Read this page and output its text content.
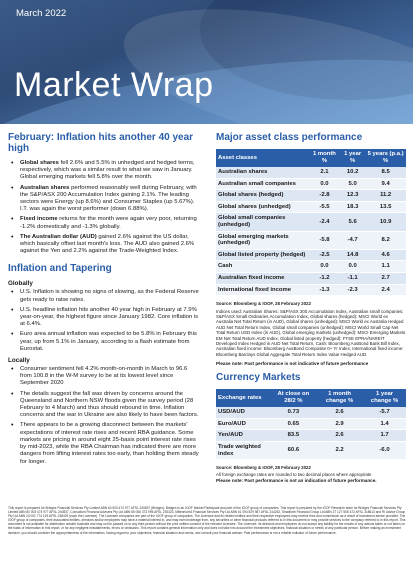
March 2022
Market Wrap
February: Inflation hits another 40 year high
• Global shares fell 2.6% and 5.5% in unhedged and hedged terms, respectively, which was a similar result to what we saw in January. Global emerging markets fell 5.8% over the month.
• Australian shares performed reasonably well during February, with the S&P/ASX 200 Accumulation Index gaining 2.1%. The leading sectors were Energy (up 8.6%) and Consumer Staples (up 5.67%). I.T. was again the worst performer (down 6.88%).
• Fixed income returns for the month were again very poor, returning -1.2% domestically and -1.3% globally.
• The Australian dollar (AUD) gained 2.6% against the US dollar, which basically offset last month's loss. The AUD also gained 2.6% against the Yen and 2.2% against the Trade-Weighted Index.
Inflation and Tapering
Globally
• U.S. Inflation is showing no signs of slowing, as the Federal Reserve gets ready to raise rates.
• U.S. headline inflation hits another 40 year high in February at 7.9% year-on-year, the highest figure since January 1982. Core inflation is at 6.4%.
• Euro area annual inflation was expected to be 5.8% in February this year, up from 5.1% in January, according to a flash estimate from Eurostat.
Locally
• Consumer sentiment fell 4.2% month-on-month in March to 96.6 from 100.8 in the W-M survey to be at its lowest level since September 2020
• The details suggest the fall was driven by concerns around the Queensland and Northern NSW floods given the survey period (28 February to 4 March) and thus should rebound in time. Inflation concerns and the war in Ukraine are also likely to have been factors.
• There appears to be a growing disconnect between the markets' expectations of interest rate rises and recent RBA guidance. Some markets are pricing in around eight 25-basis point interest rate rises by mid-2023, while the RBA Chairman has indicated there are more dangers from lifting interest rates too early, than holding them steady for longer.
Major asset class performance
Asset classes	1 month %	1 year %	5 years (p.a.) %
Australian shares	2.1	10.2	8.5
Australian small companies	0.0	5.0	9.4
Global shares (hedged)	-2.8	12.3	11.2
Global shares (unhedged)	-5.5	18.3	13.5
Global small companies (unhedged)	-2.4	5.6	10.9
Global emerging markets (unhedged)	-5.8	-4.7	8.2
Global listed property (hedged)	-2.5	14.8	4.6
Cash	0.0	0.0	1.1
Australian fixed income	-1.2	-1.1	2.7
International fixed income	-1.3	-2.3	2.4
Source: Bloomberg & IOOF, 28 February 2022
Indices used: Australian Shares: S&P/ASX 200 Accumulation Index, Australian small companies: S&P/ASX Small Ordinaries Accumulation Index, Global shares (hedged): MSCI World ex Australia Net Total Return (in AUD), Global shares (unhedged): MSCI World ex Australia Hedged AUD Net Total Return Index, Global small companies (unhedged): MSCI World Small Cap Net Total Return USD Index (in AUD), Global emerging markets (unhedged): MSCI Emerging Markets EM Net Total Return AUD Index, Global listed property (hedged): FTSE EPRA/NAREIT Developed Index Hedged in AUD Net Total Return, Cash: Bloomberg AusBond Bank Bill Index, Australian fixed income: Bloomberg AusBond Composite 0+ Yr Index, International fixed income: Bloomberg Barclays Global Aggregate Total Return Index Value Hedged AUD.
Please note: Past performance is not indicative of future performance
Currency Markets
Exchange rates	At close on 28/2 %	1 month change %	1 year change %
USD/AUD	0.73	2.6	-5.7
Euro/AUD	0.65	2.9	1.4
Yen/AUD	83.5	2.6	1.7
Trade weighted index	60.6	2.2	-6.0
Source: Bloomberg & IOOF, 28 February 2022
All foreign exchange rates are rounded to two decimal places where appropriate
Please note: Past performance is not an indication of future performance.
This report is prepared for Bridges Financial Services Pty Limited ABN 60 003 474 977 AFSL 240837 (Bridges). Bridges is an IOOF Market Participant and part of the IOOF group of companies. This report is prepared by the IOOF Research team for Bridges Financial Services Pty Limited ABN 60 003 474 977 AFSL 240837, Consultum Financial Advisers Pty Ltd ABN 65 006 373 995 AFSL 230323, Millennium3 Financial Services Pty Ltd ABN 61 094 529 987 AFSL 244252, Shadforth Financial Group Ltd ABN 27 127 508 472 AFSL 318613 and RI Advice Group Pty Ltd ABN 23 001 774 125 AFSL 238429 (each the Licensee). The Licensee companies are part of the IOOF group of companies. The Licensee and its related entities and their respective employees may receive fees and commission as a result of investment advice provided. The IOOF group of companies, their associated entities, directors and/or employees may have a material interest in, and may earn brokerage from, any securities or other financial products referred to in this document or may provide services to the company referred to in this report. This document is not available for distribution outside Australia and may not be passed on to any third person without the prior written consent of the relevant Licensee. The Licensee, its directors and employees do not accept any liability for the results of any actions taken or not taken on the basis of information in this report, or for any negligent misstatements, errors or omissions. This report contains general information only and does not take into account the investment objectives, financial situation or needs of any particular person. Before making an investment decision, you should consider the appropriateness of the information, having regard to your objectives, financial situation and needs, and consult your financial adviser. Past performance is not a reliable indicator of future performance.
